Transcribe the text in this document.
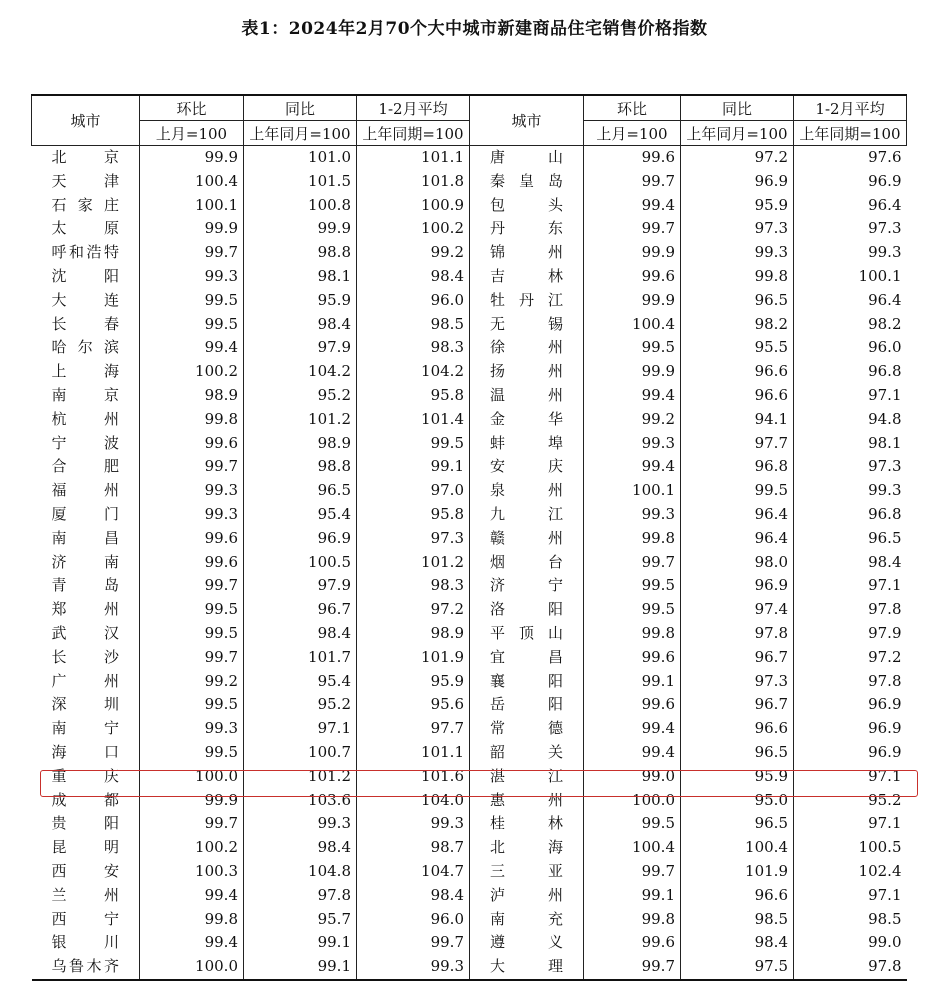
表1：2024年2月70个大中城市新建商品住宅销售价格指数
城市	环比	同比	1-2月平均	城市	环比	同比	1-2月平均
	上月=100	上年同月=100	上年同期=100		上月=100	上年同月=100	上年同期=100
北京	99.9	101.0	101.1	唐山	99.6	97.2	97.6
天津	100.4	101.5	101.8	秦皇岛	99.7	96.9	96.9
石家庄	100.1	100.8	100.9	包头	99.4	95.9	96.4
太原	99.9	99.9	100.2	丹东	99.7	97.3	97.3
呼和浩特	99.7	98.8	99.2	锦州	99.9	99.3	99.3
沈阳	99.3	98.1	98.4	吉林	99.6	99.8	100.1
大连	99.5	95.9	96.0	牡丹江	99.9	96.5	96.4
长春	99.5	98.4	98.5	无锡	100.4	98.2	98.2
哈尔滨	99.4	97.9	98.3	徐州	99.5	95.5	96.0
上海	100.2	104.2	104.2	扬州	99.9	96.6	96.8
南京	98.9	95.2	95.8	温州	99.4	96.6	97.1
杭州	99.8	101.2	101.4	金华	99.2	94.1	94.8
宁波	99.6	98.9	99.5	蚌埠	99.3	97.7	98.1
合肥	99.7	98.8	99.1	安庆	99.4	96.8	97.3
福州	99.3	96.5	97.0	泉州	100.1	99.5	99.3
厦门	99.3	95.4	95.8	九江	99.3	96.4	96.8
南昌	99.6	96.9	97.3	赣州	99.8	96.4	96.5
济南	99.6	100.5	101.2	烟台	99.7	98.0	98.4
青岛	99.7	97.9	98.3	济宁	99.5	96.9	97.1
郑州	99.5	96.7	97.2	洛阳	99.5	97.4	97.8
武汉	99.5	98.4	98.9	平顶山	99.8	97.8	97.9
长沙	99.7	101.7	101.9	宜昌	99.6	96.7	97.2
广州	99.2	95.4	95.9	襄阳	99.1	97.3	97.8
深圳	99.5	95.2	95.6	岳阳	99.6	96.7	96.9
南宁	99.3	97.1	97.7	常德	99.4	96.6	96.9
海口	99.5	100.7	101.1	韶关	99.4	96.5	96.9
重庆	100.0	101.2	101.6	湛江	99.0	95.9	97.1
成都	99.9	103.6	104.0	惠州	100.0	95.0	95.2
贵阳	99.7	99.3	99.3	桂林	99.5	96.5	97.1
昆明	100.2	98.4	98.7	北海	100.4	100.4	100.5
西安	100.3	104.8	104.7	三亚	99.7	101.9	102.4
兰州	99.4	97.8	98.4	泸州	99.1	96.6	97.1
西宁	99.8	95.7	96.0	南充	99.8	98.5	98.5
银川	99.4	99.1	99.7	遵义	99.6	98.4	99.0
乌鲁木齐	100.0	99.1	99.3	大理	99.7	97.5	97.8
